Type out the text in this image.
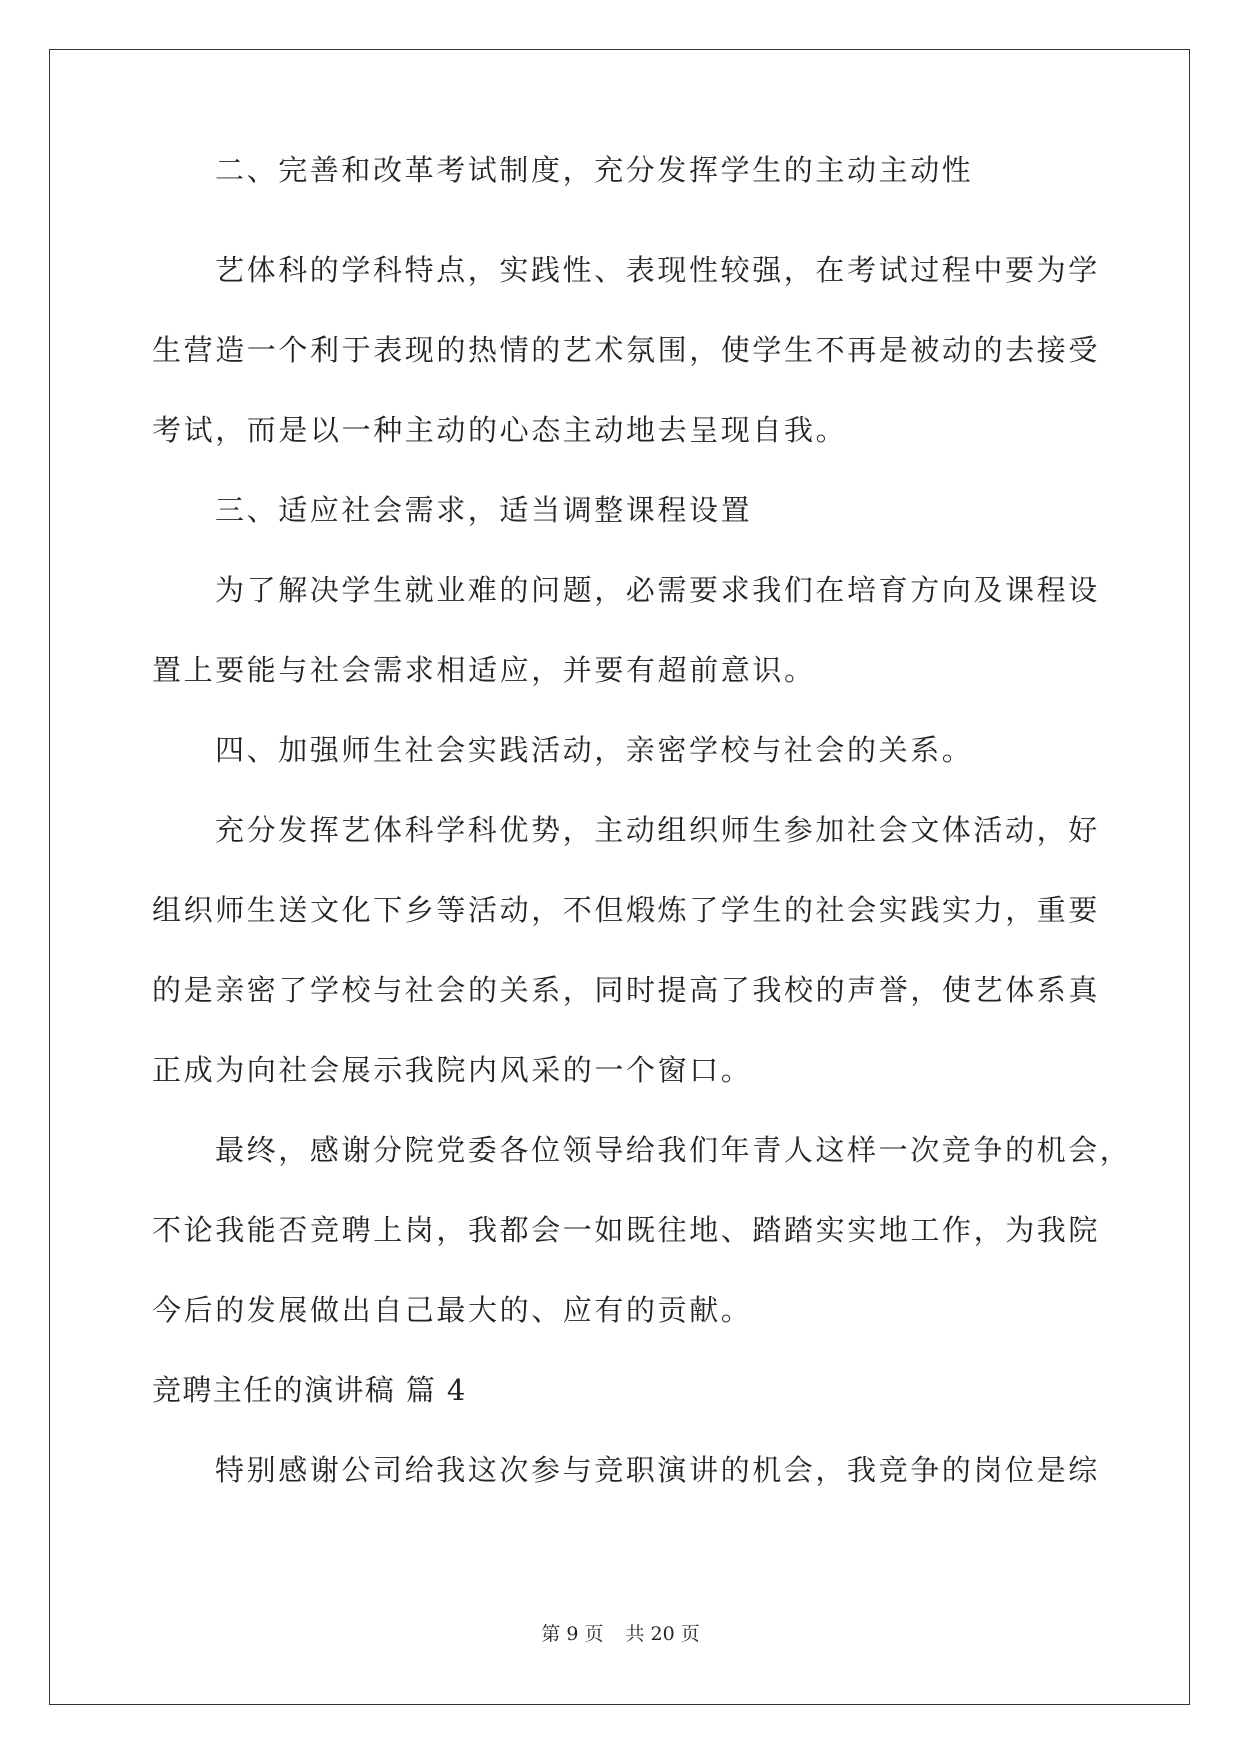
二、完善和改革考试制度，充分发挥学生的主动主动性
艺体科的学科特点，实践性、表现性较强，在考试过程中要为学
生营造一个利于表现的热情的艺术氛围，使学生不再是被动的去接受
考试，而是以一种主动的心态主动地去呈现自我。
三、适应社会需求，适当调整课程设置
为了解决学生就业难的问题，必需要求我们在培育方向及课程设
置上要能与社会需求相适应，并要有超前意识。
四、加强师生社会实践活动，亲密学校与社会的关系。
充分发挥艺体科学科优势，主动组织师生参加社会文体活动，好
组织师生送文化下乡等活动，不但煅炼了学生的社会实践实力，重要
的是亲密了学校与社会的关系，同时提高了我校的声誉，使艺体系真
正成为向社会展示我院内风采的一个窗口。
最终，感谢分院党委各位领导给我们年青人这样一次竞争的机会，
不论我能否竞聘上岗，我都会一如既往地、踏踏实实地工作，为我院
今后的发展做出自己最大的、应有的贡献。
竞聘主任的演讲稿 篇 4
特别感谢公司给我这次参与竞职演讲的机会，我竞争的岗位是综
第 9 页 共 20 页
